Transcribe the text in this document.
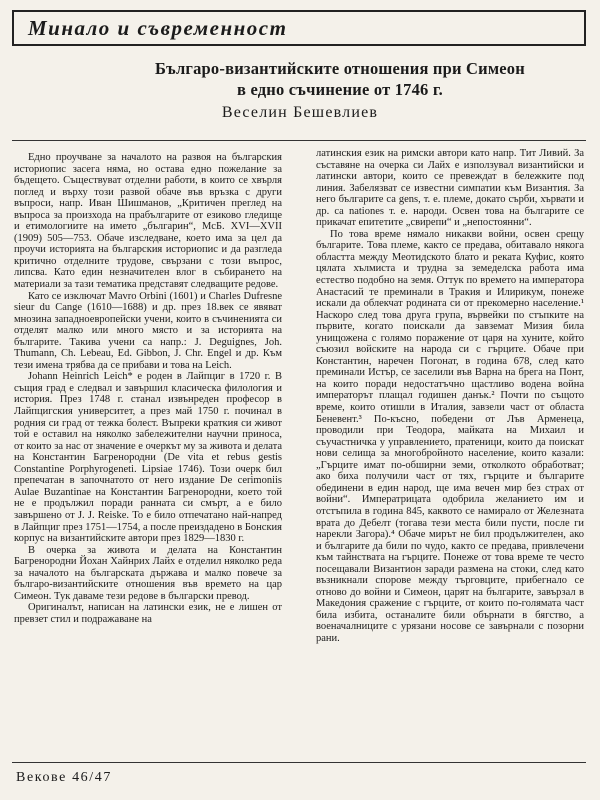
Минало и съвременност
Българо-византийските отношения при Симеон
в едно съчинение от 1746 г.
Веселин Бешевлиев

Едно проучване за началото на развоя на българския историопис засега няма, но остава едно пожелание за бъдещето. Съществуват отделни работи, в които се хвърля поглед и върху този развой обаче във връзка с други въпроси, напр. Иван Шишманов, „Критичен преглед на въпроса за произхода на прабългарите от езиково гледище и етимологиите на името „българин“, МсБ. XVI—XVII (1909) 505—753. Обаче изследване, което има за цел да проучи историята на българския историопис и да разгледа критично отделните трудове, свързани с този въпрос, липсва. Като един незначителен влог в събирането на материали за тази тематика представят следващите редове.

Като се изключат Mavro Orbini (1601) и Charles Dufresne sieur du Cange (1610—1688) и др. през 18.век се явяват мнозина западноевропейски учени, които в съчиненията си отделят малко или много място и за историята на българите. Такива учени са напр.: J. Deguignes, Joh. Thumann, Ch. Lebeau, Ed. Gibbon, J. Chr. Engel и др. Към тези имена трябва да се прибави и това на Leich.

Johann Heinrich Leich* е роден в Лайпциг в 1720 г. В същия град е следвал и завършил класическа филология и история. През 1748 г. станал извънреден професор в Лайпцигския университет, а през май 1750 г. починал в родния си град от тежка болест. Въпреки краткия си живот той е оставил на няколко забележителни научни приноса, от които за нас от значение е очеркът му за живота и делата на Константин Багренородни (De vita et rebus gestis Constantine Porphyrogeneti. Lipsiae 1746). Този очерк бил препечатан в започнатото от него издание De cerimoniis Aulae Buzantinae на Константин Багренородни, което той не е продължил поради ранната си смърт, а е било завършено от J. J. Reiske. То е било отпечатано най-напред в Лайпциг през 1751—1754, а после преиздадено в Бонския корпус на византийските автори през 1829—1830 г.

В очерка за живота и делата на Константин Багренородни Йохан Хайнрих Лайх е отделил няколко реда за началото на българската държава и малко повече за българо-византийските отношения във времето на цар Симеон. Тук даваме тези редове в български превод.

Оригиналът, написан на латински език, не е лишен от превзет стил и подражаване на

латинския език на римски автори като напр. Тит Ливий. За съставяне на очерка си Лайх е използувал византийски и латински автори, които се превеждат в бележките под линия. Забелязват се известни симпатии към Византия. За него българите са gens, т. е. племе, докато сърби, хървати и др. са nationes т. е. народи. Освен това на българите се прикачат епитетите „свирепи“ и „непостоянни“.

По това време нямало никакви войни, освен срещу българите. Това племе, както се предава, обитавало някога областта между Меотидското блато и реката Куфис, която цялата хълмиста и трудна за земеделска работа има естество подобно на земя. Оттук по времето на императора Анастасий те преминали в Тракия и Илирикум, понеже искали да облекчат родината си от прекомерно население.¹ Наскоро след това друга група, вървейки по стъпките на първите, когато поискали да завземат Мизия била унищожена с голямо поражение от царя на хуните, който съюзил войските на народа си с гърците. Обаче при Константин, наречен Погонат, в година 678, след като преминали Истър, се заселили във Варна на брега на Понт, на които поради недостатъчно щастливо водена война императорът плащал годишен данък.² Почти по същото време, които отишли в Италия, завзели част от областа Беневент.³ По-късно, победени от Лъв Арменеца, проводили при Теодора, майката на Михаил и съучастничка у управлението, пратеници, които да поискат нови селища за многобройното население, които казали: „Гърците имат по-обширни земи, отколкото обработват; ако биха получили част от тях, гърците и българите обединени в един народ, ще има вечен мир без страх от войни“. Императрицата одобрила желанието им и отстъпила в година 845, каквото се намирало от Железната врата до Дебелт (тогава тези места били пусти, после ги нарекли Загора).⁴ Обаче мирът не бил продължителен, ако и българите да били по чудо, както се предава, привлечени към тайнствата на гърците. Понеже от това време те често посещавали Византион заради размена на стоки, след като възникнали спорове между търговците, прибегнало се отново до войни и Симеон, царят на българите, завързал в Македония сражение с гърците, от които по-голямата част била избита, останалите били обърнати в бягство, а военачалниците с урязани носове се завърнали с позорни рани.

Векове 46/47
